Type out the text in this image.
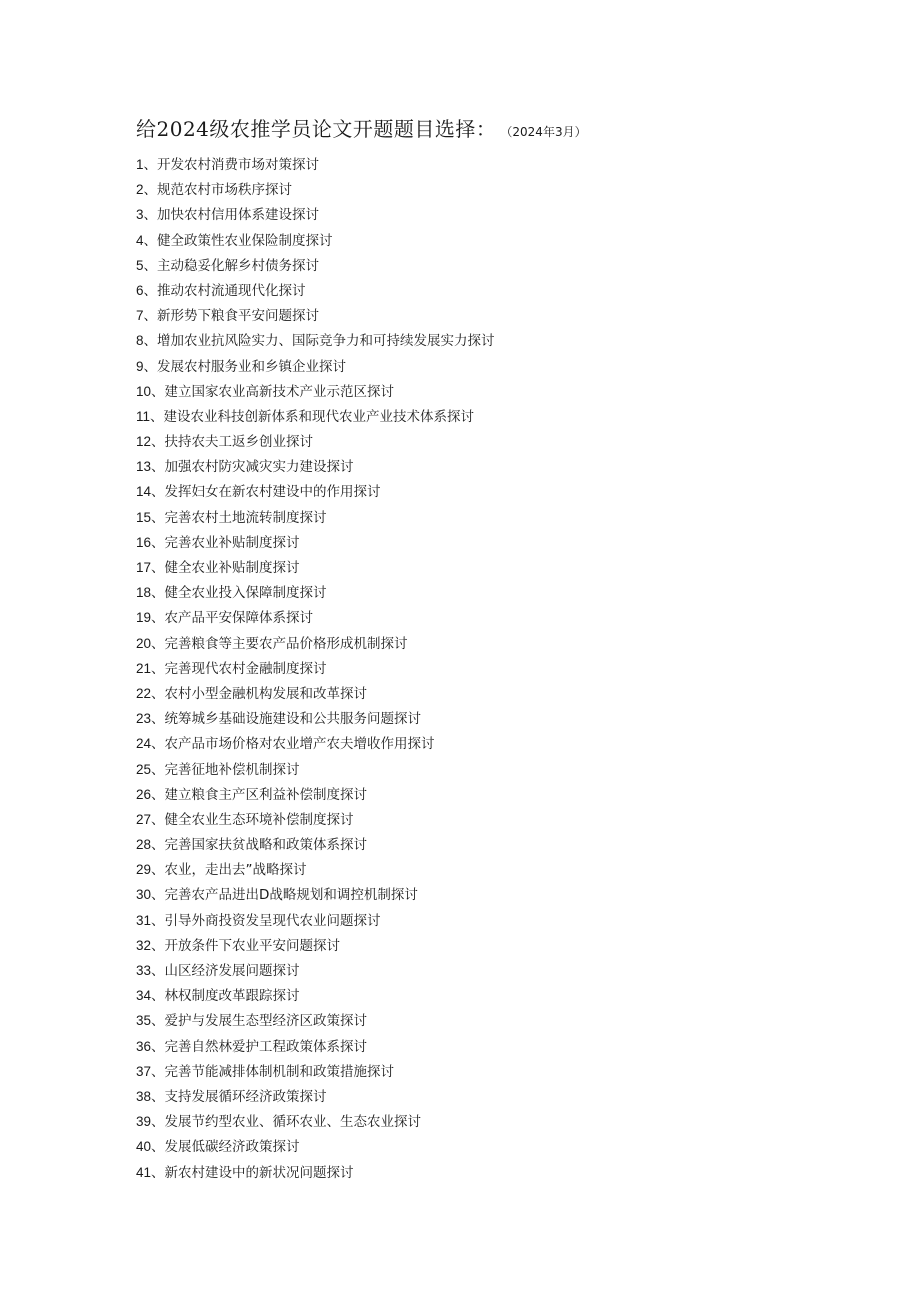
给2024级农推学员论文开题题目选择： （2024年3月）
1、开发农村消费市场对策探讨
2、规范农村市场秩序探讨
3、加快农村信用体系建设探讨
4、健全政策性农业保险制度探讨
5、主动稳妥化解乡村债务探讨
6、推动农村流通现代化探讨
7、新形势下粮食平安问题探讨
8、增加农业抗风险实力、国际竞争力和可持续发展实力探讨
9、发展农村服务业和乡镇企业探讨
10、建立国家农业高新技术产业示范区探讨
11、建设农业科技创新体系和现代农业产业技术体系探讨
12、扶持农夫工返乡创业探讨
13、加强农村防灾减灾实力建设探讨
14、发挥妇女在新农村建设中的作用探讨
15、完善农村土地流转制度探讨
16、完善农业补贴制度探讨
17、健全农业补贴制度探讨
18、健全农业投入保障制度探讨
19、农产品平安保障体系探讨
20、完善粮食等主要农产品价格形成机制探讨
21、完善现代农村金融制度探讨
22、农村小型金融机构发展和改革探讨
23、统筹城乡基础设施建设和公共服务问题探讨
24、农产品市场价格对农业增产农夫增收作用探讨
25、完善征地补偿机制探讨
26、建立粮食主产区利益补偿制度探讨
27、健全农业生态环境补偿制度探讨
28、完善国家扶贫战略和政策体系探讨
29、农业，走出去”战略探讨
30、完善农产品进出D战略规划和调控机制探讨
31、引导外商投资发呈现代农业问题探讨
32、开放条件下农业平安问题探讨
33、山区经济发展问题探讨
34、林权制度改革跟踪探讨
35、爱护与发展生态型经济区政策探讨
36、完善自然林爱护工程政策体系探讨
37、完善节能减排体制机制和政策措施探讨
38、支持发展循环经济政策探讨
39、发展节约型农业、循环农业、生态农业探讨
40、发展低碳经济政策探讨
41、新农村建设中的新状况问题探讨
